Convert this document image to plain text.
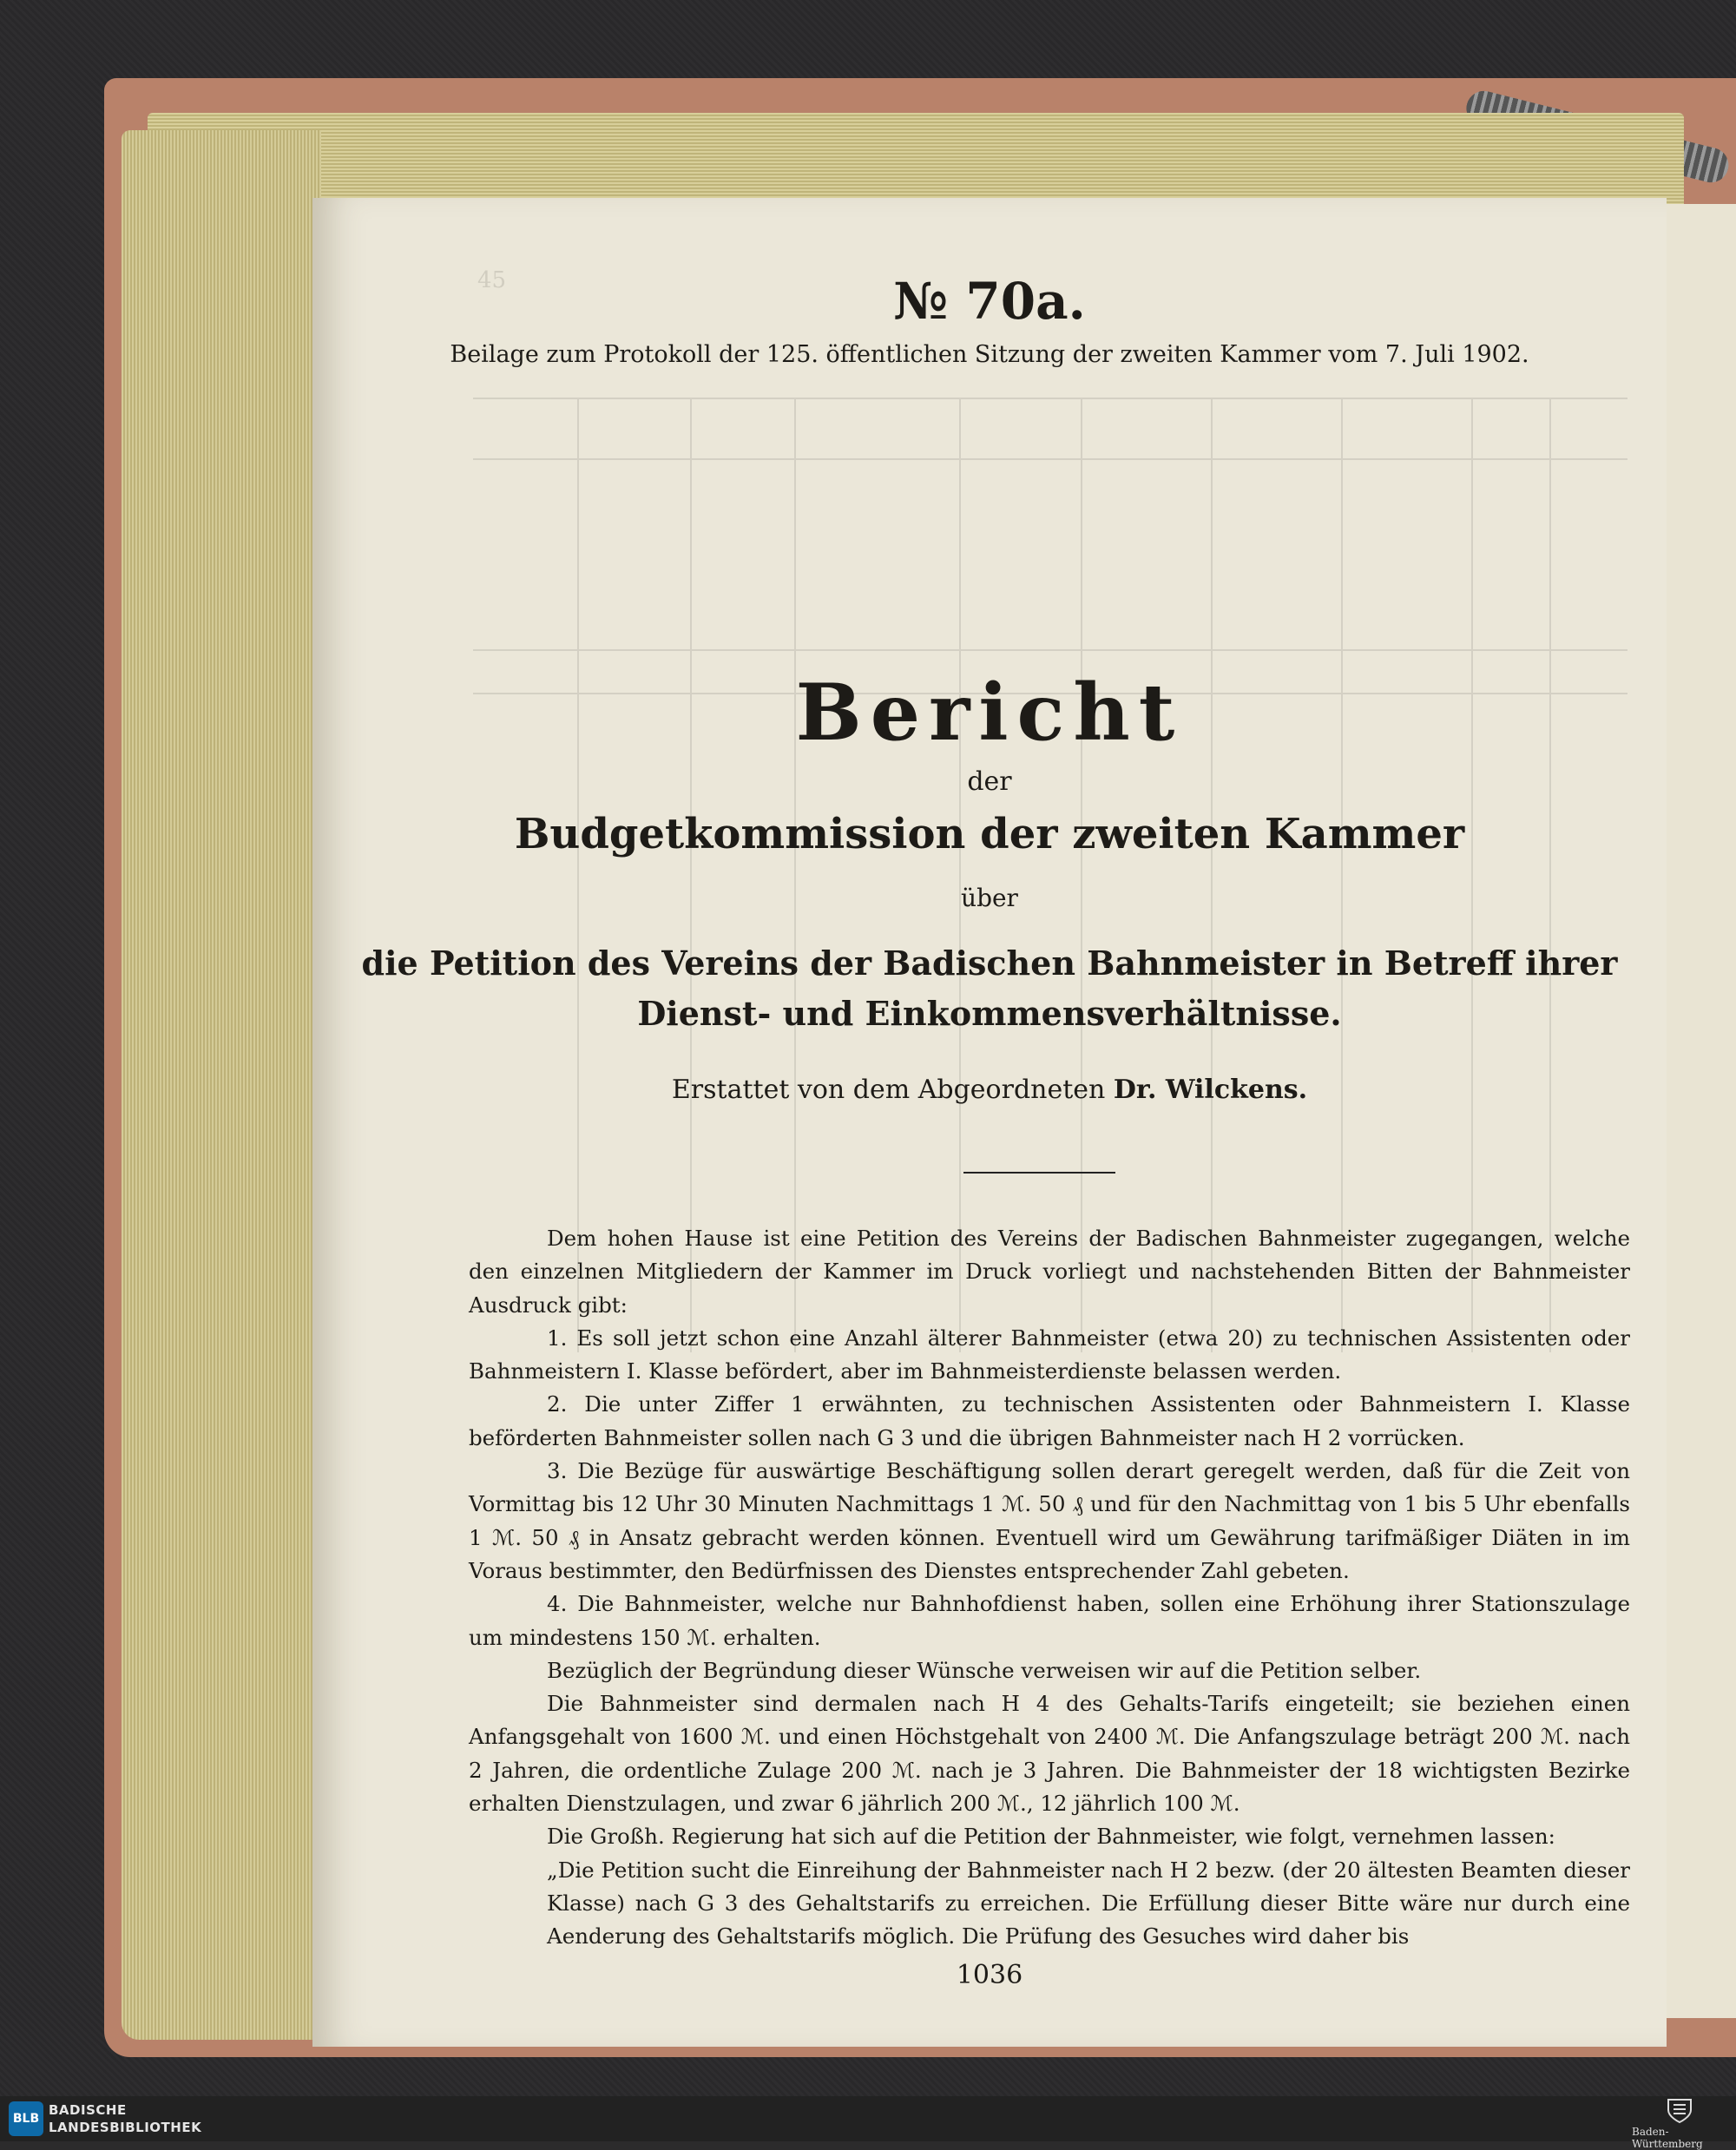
45	№ 70a.
Beilage zum Protokoll der 125. öffentlichen Sitzung der zweiten Kammer vom 7. Juli 1902.
Bericht
der
Budgetkommission der zweiten Kammer
über
die Petition des Vereins der Badischen Bahnmeister in Betreff ihrer
Dienst- und Einkommensverhältnisse.
Erstattet von dem Abgeordneten Dr. Wilckens.

Dem hohen Hause ist eine Petition des Vereins der Badischen Bahnmeister zugegangen, welche den einzelnen Mitgliedern der Kammer im Druck vorliegt und nachstehenden Bitten der Bahnmeister Ausdruck gibt:

1. Es soll jetzt schon eine Anzahl älterer Bahnmeister (etwa 20) zu technischen Assistenten oder Bahnmeistern I. Klasse befördert, aber im Bahnmeisterdienste belassen werden.

2. Die unter Ziffer 1 erwähnten, zu technischen Assistenten oder Bahnmeistern I. Klasse beförderten Bahnmeister sollen nach G 3 und die übrigen Bahnmeister nach H 2 vorrücken.

3. Die Bezüge für auswärtige Beschäftigung sollen derart geregelt werden, daß für die Zeit von Vormittag bis 12 Uhr 30 Minuten Nachmittags 1 ℳ. 50 ₰ und für den Nachmittag von 1 bis 5 Uhr ebenfalls 1 ℳ. 50 ₰ in Ansatz gebracht werden können. Eventuell wird um Gewährung tarifmäßiger Diäten in im Voraus bestimmter, den Bedürfnissen des Dienstes entsprechender Zahl gebeten.

4. Die Bahnmeister, welche nur Bahnhofdienst haben, sollen eine Erhöhung ihrer Stationszulage um mindestens 150 ℳ. erhalten.

Bezüglich der Begründung dieser Wünsche verweisen wir auf die Petition selber.

Die Bahnmeister sind dermalen nach H 4 des Gehalts-Tarifs eingeteilt; sie beziehen einen Anfangsgehalt von 1600 ℳ. und einen Höchstgehalt von 2400 ℳ. Die Anfangszulage beträgt 200 ℳ. nach 2 Jahren, die ordentliche Zulage 200 ℳ. nach je 3 Jahren. Die Bahnmeister der 18 wichtigsten Bezirke erhalten Dienstzulagen, und zwar 6 jährlich 200 ℳ., 12 jährlich 100 ℳ.

Die Großh. Regierung hat sich auf die Petition der Bahnmeister, wie folgt, vernehmen lassen:

„Die Petition sucht die Einreihung der Bahnmeister nach H 2 bezw. (der 20 ältesten Beamten dieser Klasse) nach G 3 des Gehaltstarifs zu erreichen. Die Erfüllung dieser Bitte wäre nur durch eine Aenderung des Gehaltstarifs möglich. Die Prüfung des Gesuches wird daher bis

1036
BLB
BADISCHE
LANDESBIBLIOTHEK	Baden-Württemberg
